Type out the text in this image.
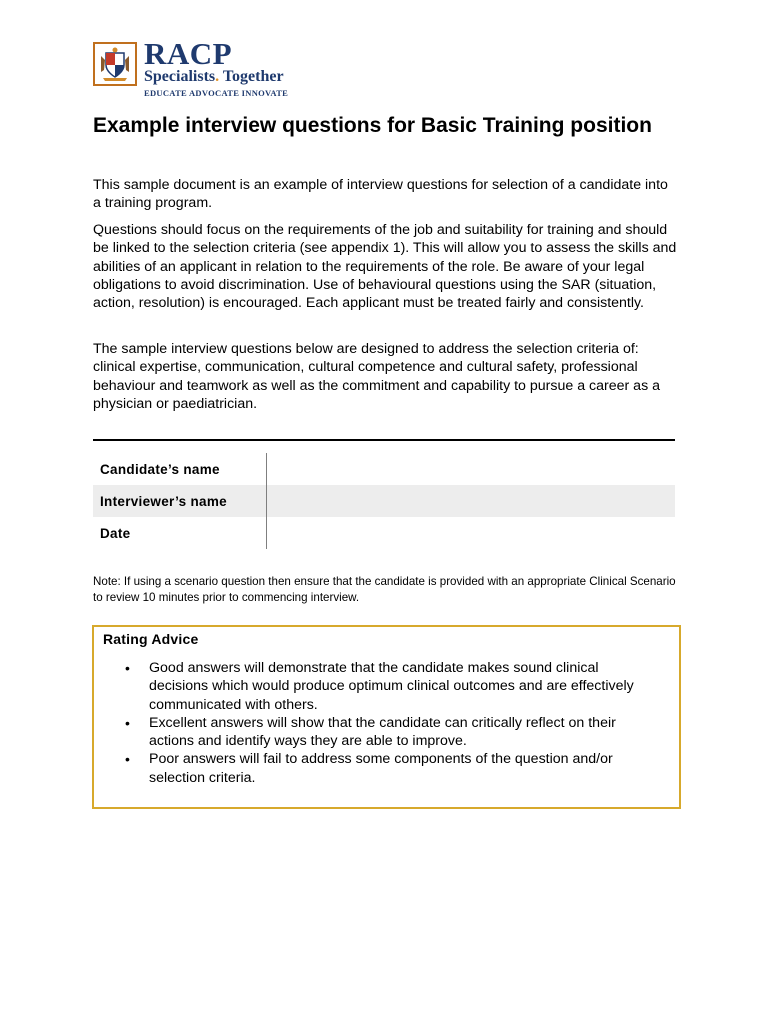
RACP
Specialists. Together
EDUCATE ADVOCATE INNOVATE
Example interview questions for Basic Training position

This sample document is an example of interview questions for selection of a candidate into a training program.

Questions should focus on the requirements of the job and suitability for training and should be linked to the selection criteria (see appendix 1). This will allow you to assess the skills and abilities of an applicant in relation to the requirements of the role. Be aware of your legal obligations to avoid discrimination. Use of behavioural questions using the SAR (situation, action, resolution) is encouraged. Each applicant must be treated fairly and consistently.

The sample interview questions below are designed to address the selection criteria of: clinical expertise, communication, cultural competence and cultural safety, professional behaviour and teamwork as well as the commitment and capability to pursue a career as a physician or paediatrician.

Candidate’s name	
Interviewer’s name	
Date	

Note: If using a scenario question then ensure that the candidate is provided with an appropriate Clinical Scenario to review 10 minutes prior to commencing interview.

Rating Advice

• Good answers will demonstrate that the candidate makes sound clinical decisions which would produce optimum clinical outcomes and are effectively communicated with others.
• Excellent answers will show that the candidate can critically reflect on their actions and identify ways they are able to improve.
• Poor answers will fail to address some components of the question and/or selection criteria.
